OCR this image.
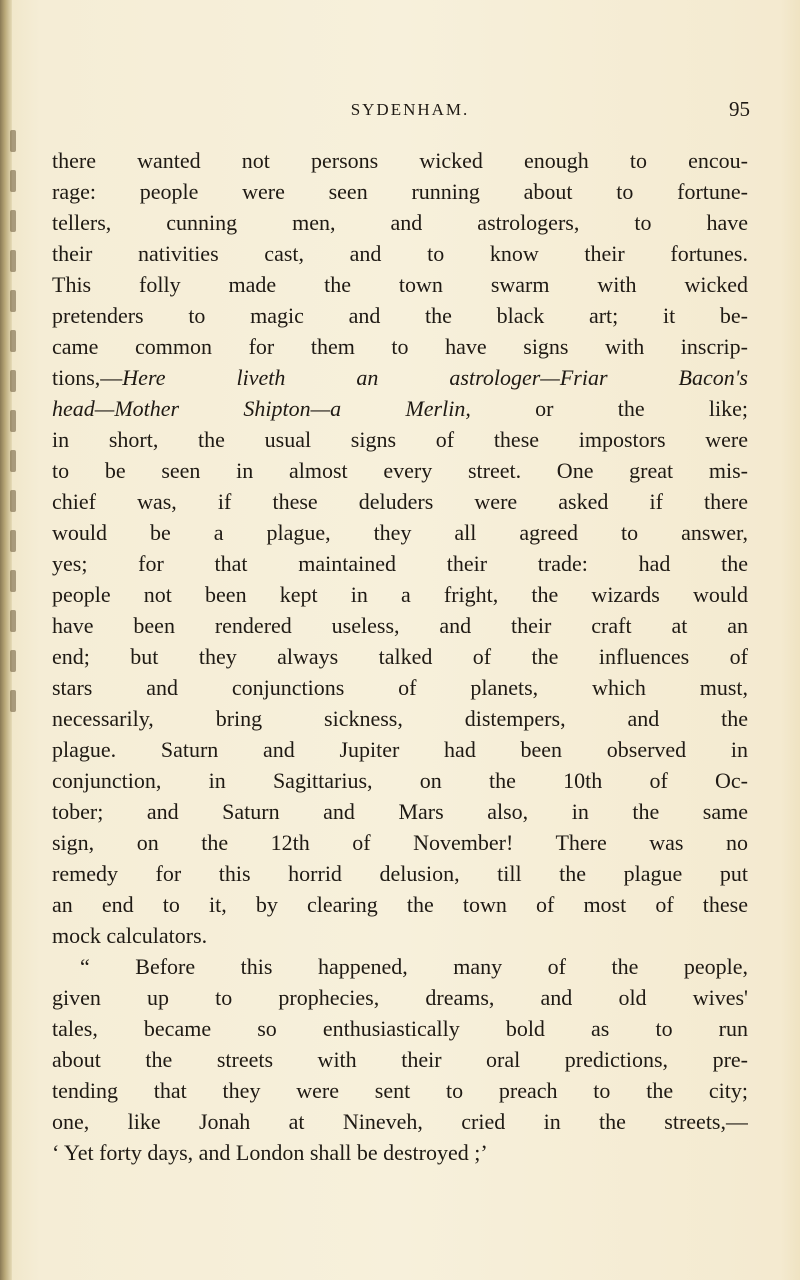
SYDENHAM.	95
there wanted not persons wicked enough to encou-
rage: people were seen running about to fortune-
tellers, cunning men, and astrologers, to have
their nativities cast, and to know their fortunes.
This folly made the town swarm with wicked
pretenders to magic and the black art; it be-
came common for them to have signs with inscrip-
tions,—Here liveth an astrologer—Friar Bacon's
head—Mother Shipton—a Merlin, or the like;
in short, the usual signs of these impostors were
to be seen in almost every street. One great mis-
chief was, if these deluders were asked if there
would be a plague, they all agreed to answer,
yes; for that maintained their trade: had the
people not been kept in a fright, the wizards would
have been rendered useless, and their craft at an
end; but they always talked of the influences of
stars and conjunctions of planets, which must,
necessarily, bring sickness, distempers, and the
plague. Saturn and Jupiter had been observed in
conjunction, in Sagittarius, on the 10th of Oc-
tober; and Saturn and Mars also, in the same
sign, on the 12th of November! There was no
remedy for this horrid delusion, till the plague put
an end to it, by clearing the town of most of these
mock calculators.
“ Before this happened, many of the people,
given up to prophecies, dreams, and old wives'
tales, became so enthusiastically bold as to run
about the streets with their oral predictions, pre-
tending that they were sent to preach to the city;
one, like Jonah at Nineveh, cried in the streets,—
‘ Yet forty days, and London shall be destroyed ;’
